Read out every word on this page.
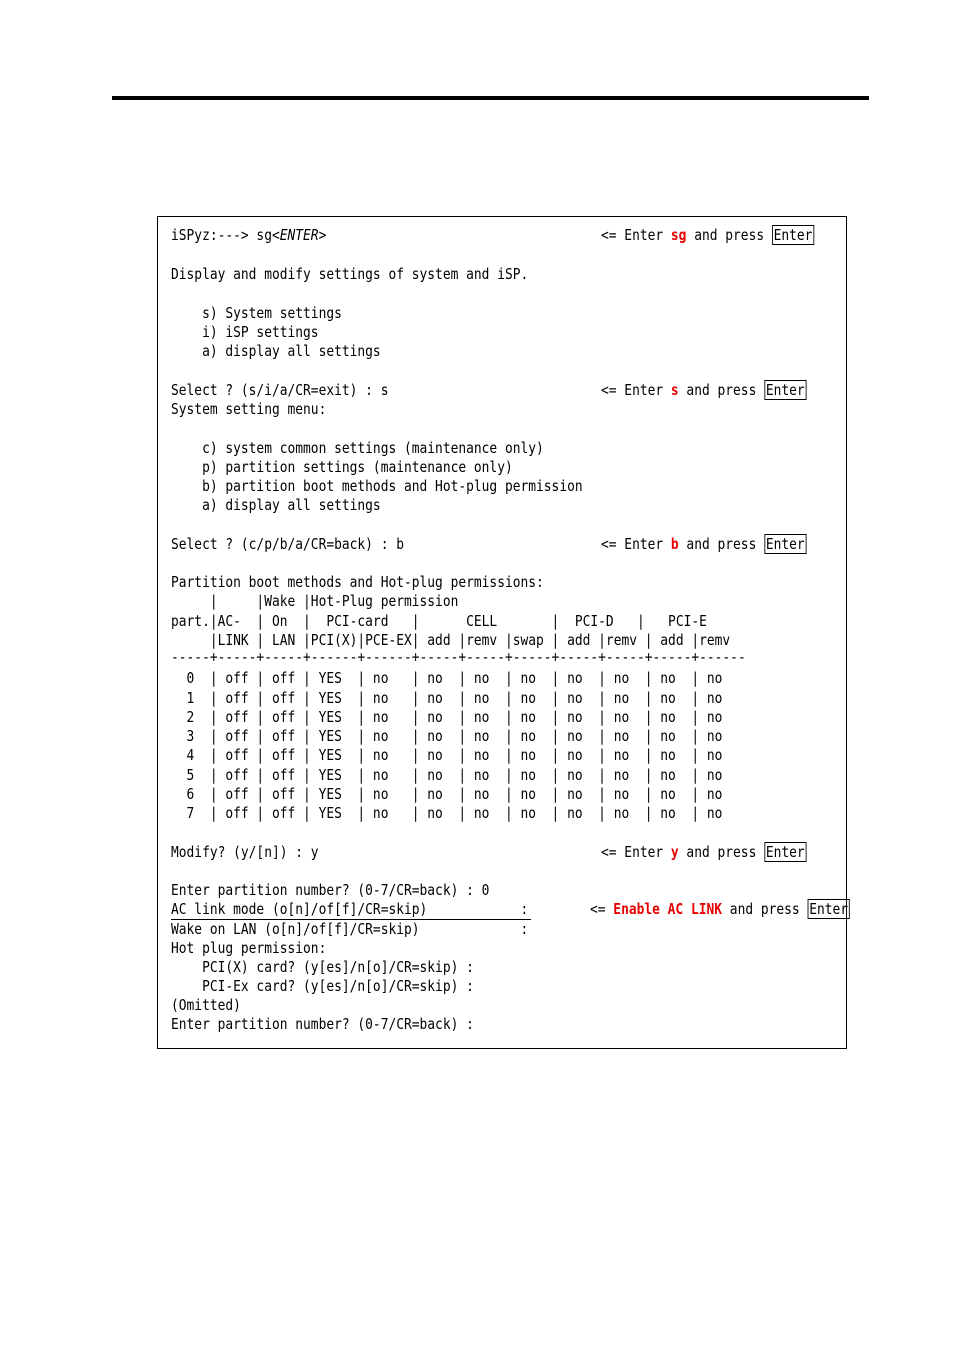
iSPyz:---> sg<ENTER>	<= Enter sg and press Enter
Display and modify settings of system and iSP.
s) System settings
i) iSP settings
a) display all settings
Select ? (s/i/a/CR=exit) : s	<= Enter s and press Enter
System setting menu:
c) system common settings (maintenance only)
p) partition settings (maintenance only)
b) partition boot methods and Hot-plug permission
a) display all settings
Select ? (c/p/b/a/CR=back) : b	<= Enter b and press Enter
Partition boot methods and Hot-plug permissions:
|     |Wake |Hot-Plug permission
part.|AC-  | On  |  PCI-card   |      CELL       |  PCI-D   |   PCI-E
|LINK | LAN |PCI(X)|PCE-EX| add |remv |swap | add |remv | add |remv
-----+-----+-----+------+------+-----+-----+-----+-----+-----+-----+------
0  | off | off | YES  | no   | no  | no  | no  | no  | no  | no  | no
1  | off | off | YES  | no   | no  | no  | no  | no  | no  | no  | no
2  | off | off | YES  | no   | no  | no  | no  | no  | no  | no  | no
3  | off | off | YES  | no   | no  | no  | no  | no  | no  | no  | no
4  | off | off | YES  | no   | no  | no  | no  | no  | no  | no  | no
5  | off | off | YES  | no   | no  | no  | no  | no  | no  | no  | no
6  | off | off | YES  | no   | no  | no  | no  | no  | no  | no  | no
7  | off | off | YES  | no   | no  | no  | no  | no  | no  | no  | no
Modify? (y/[n]) : y	<= Enter y and press Enter
Enter partition number? (0-7/CR=back) : 0
AC link mode (o[n]/of[f]/CR=skip)            :	<= Enable AC LINK and press Enter
Wake on LAN (o[n]/of[f]/CR=skip)             :
Hot plug permission:
PCI(X) card? (y[es]/n[o]/CR=skip) :
PCI-Ex card? (y[es]/n[o]/CR=skip) :
(Omitted)
Enter partition number? (0-7/CR=back) :
